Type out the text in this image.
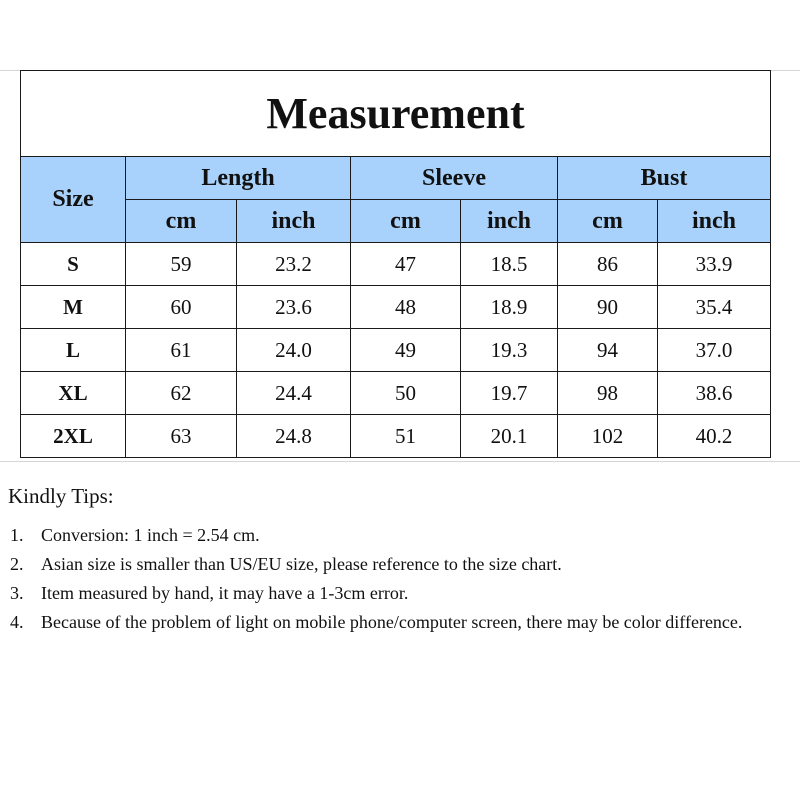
Measurement						
Size	Length		Sleeve		Bust	
	cm	inch	cm	inch	cm	inch
S	59	23.2	47	18.5	86	33.9
M	60	23.6	48	18.9	90	35.4
L	61	24.0	49	19.3	94	37.0
XL	62	24.4	50	19.7	98	38.6
2XL	63	24.8	51	20.1	102	40.2
Kindly Tips:
1. Conversion: 1 inch = 2.54 cm.
2. Asian size is smaller than US/EU size, please reference to the size chart.
3. Item measured by hand, it may have a 1-3cm error.
4. Because of the problem of light on mobile phone/computer screen, there may be color difference.
